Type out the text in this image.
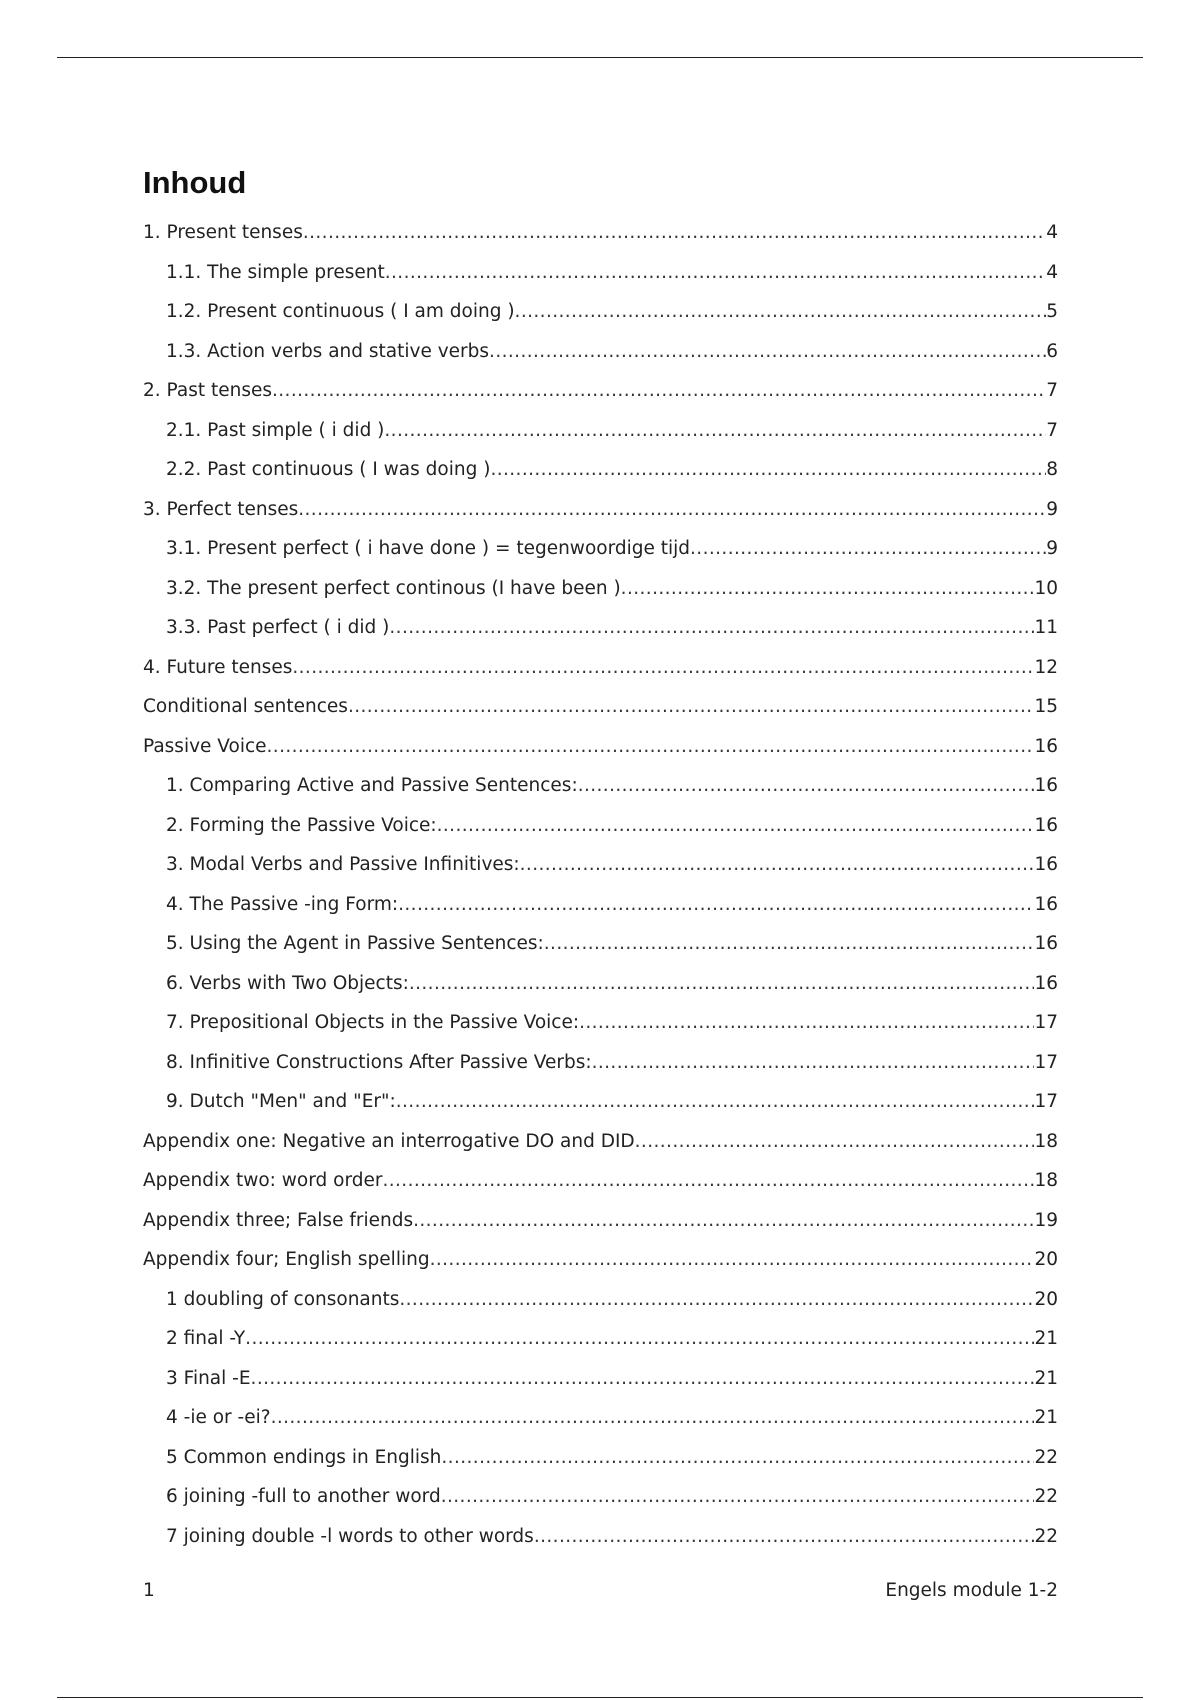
Inhoud
1. Present tenses .....	4
1.1. The simple present .....	4
1.2. Present continuous ( I am doing ) .....	5
1.3. Action verbs and stative verbs .....	6
2. Past tenses .....	7
2.1. Past simple ( i did ) .....	7
2.2. Past continuous ( I was doing ) .....	8
3. Perfect tenses .....	9
3.1. Present perfect ( i have done ) = tegenwoordige tijd .....	9
3.2. The present perfect continous (I have been ) .....	10
3.3. Past perfect ( i did ) .....	11
4. Future tenses .....	12
Conditional sentences .....	15
Passive Voice .....	16
1. Comparing Active and Passive Sentences: .....	16
2. Forming the Passive Voice: .....	16
3. Modal Verbs and Passive Infinitives: .....	16
4. The Passive -ing Form: .....	16
5. Using the Agent in Passive Sentences: .....	16
6. Verbs with Two Objects: .....	16
7. Prepositional Objects in the Passive Voice: .....	17
8. Infinitive Constructions After Passive Verbs: .....	17
9. Dutch "Men" and "Er": .....	17
Appendix one: Negative an interrogative DO and DID .....	18
Appendix two: word order .....	18
Appendix three; False friends .....	19
Appendix four; English spelling .....	20
1 doubling of consonants .....	20
2 final -Y .....	21
3 Final -E .....	21
4 -ie or -ei? .....	21
5 Common endings in English .....	22
6 joining -full to another word .....	22
7 joining double -l words to other words .....	22
1	Engels module 1-2
